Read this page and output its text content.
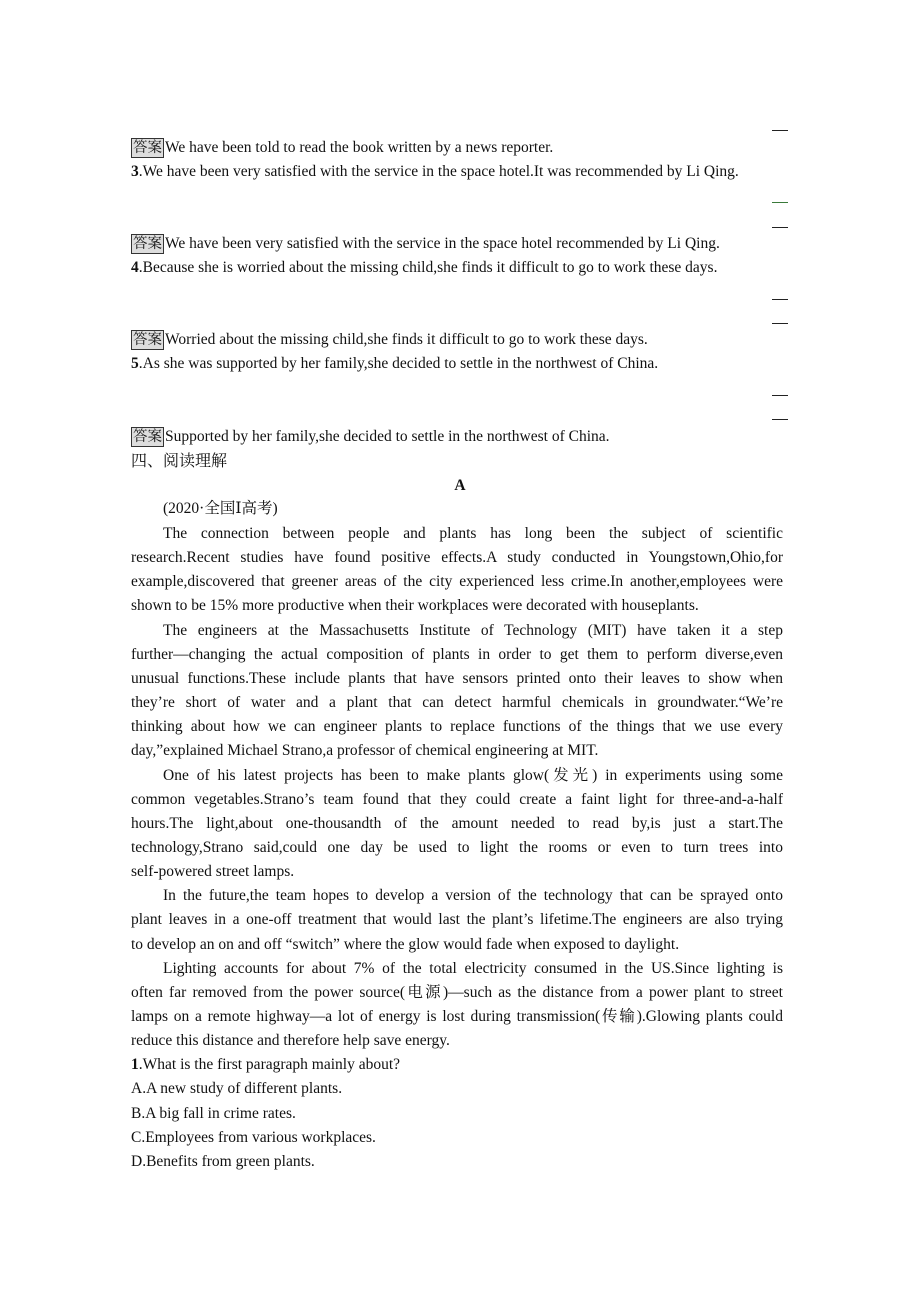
答案 We have been told to read the book written by a news reporter.
3.We have been very satisfied with the service in the space hotel.It was recommended by Li Qing.
答案 We have been very satisfied with the service in the space hotel recommended by Li Qing.
4.Because she is worried about the missing child,she finds it difficult to go to work these days.
答案 Worried about the missing child,she finds it difficult to go to work these days.
5.As she was supported by her family,she decided to settle in the northwest of China.
答案 Supported by her family,she decided to settle in the northwest of China.
四、阅读理解
A
(2020·全国Ⅰ高考)
The connection between people and plants has long been the subject of scientific
research.Recent studies have found positive effects.A study conducted in Youngstown,Ohio,for
example,discovered that greener areas of the city experienced less crime.In another,employees were
shown to be 15% more productive when their workplaces were decorated with houseplants.
The engineers at the Massachusetts Institute of Technology (MIT) have taken it a step
further—changing the actual composition of plants in order to get them to perform diverse,even
unusual functions.These include plants that have sensors printed onto their leaves to show when
they’re short of water and a plant that can detect harmful chemicals in groundwater.“We’re
thinking about how we can engineer plants to replace functions of the things that we use every
day,”explained Michael Strano,a professor of chemical engineering at MIT.
One of his latest projects has been to make plants glow(发光) in experiments using some
common vegetables.Strano’s team found that they could create a faint light for three-and-a-half
hours.The light,about one-thousandth of the amount needed to read by,is just a start.The
technology,Strano said,could one day be used to light the rooms or even to turn trees into
self-powered street lamps.
In the future,the team hopes to develop a version of the technology that can be sprayed onto
plant leaves in a one-off treatment that would last the plant’s lifetime.The engineers are also trying
to develop an on and off “switch” where the glow would fade when exposed to daylight.
Lighting accounts for about 7% of the total electricity consumed in the US.Since lighting is
often far removed from the power source(电源)—such as the distance from a power plant to street
lamps on a remote highway—a lot of energy is lost during transmission(传输).Glowing plants could
reduce this distance and therefore help save energy.
1.What is the first paragraph mainly about?
A.A new study of different plants.
B.A big fall in crime rates.
C.Employees from various workplaces.
D.Benefits from green plants.
